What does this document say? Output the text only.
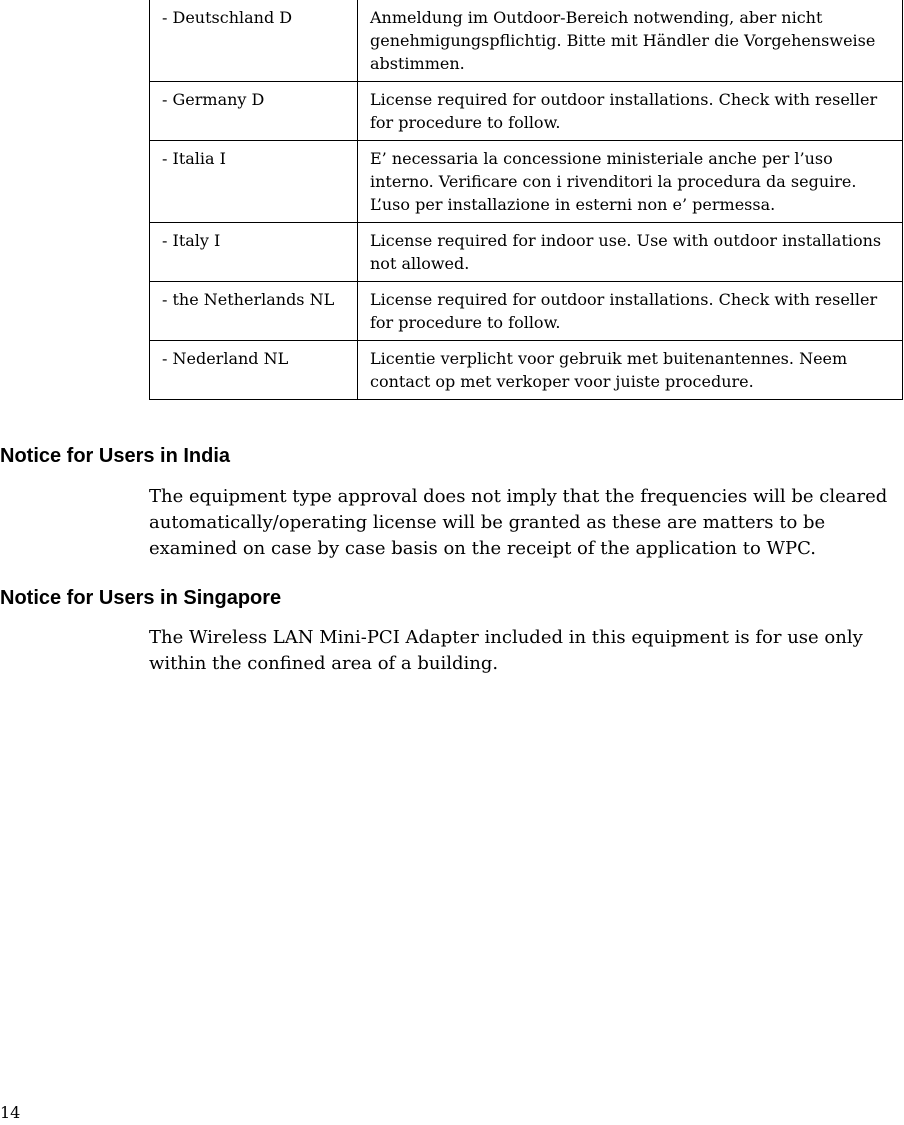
- Deutschland D	Anmeldung im Outdoor-Bereich notwending, aber nicht genehmigungspflichtig. Bitte mit Händler die Vorgehensweise abstimmen.
- Germany D	License required for outdoor installations. Check with reseller for procedure to follow.
- Italia I	E’ necessaria la concessione ministeriale anche per l’uso interno. Verificare con i rivenditori la procedura da seguire. L’uso per installazione in esterni non e’ permessa.
- Italy I	License required for indoor use. Use with outdoor installations not allowed.
- the Netherlands NL	License required for outdoor installations. Check with reseller for procedure to follow.
- Nederland NL	Licentie verplicht voor gebruik met buitenantennes. Neem contact op met verkoper voor juiste procedure.
Notice for Users in India

The equipment type approval does not imply that the frequencies will be cleared automatically/operating license will be granted as these are matters to be examined on case by case basis on the receipt of the application to WPC.

Notice for Users in Singapore

The Wireless LAN Mini-PCI Adapter included in this equipment is for use only within the confined area of a building.

14
